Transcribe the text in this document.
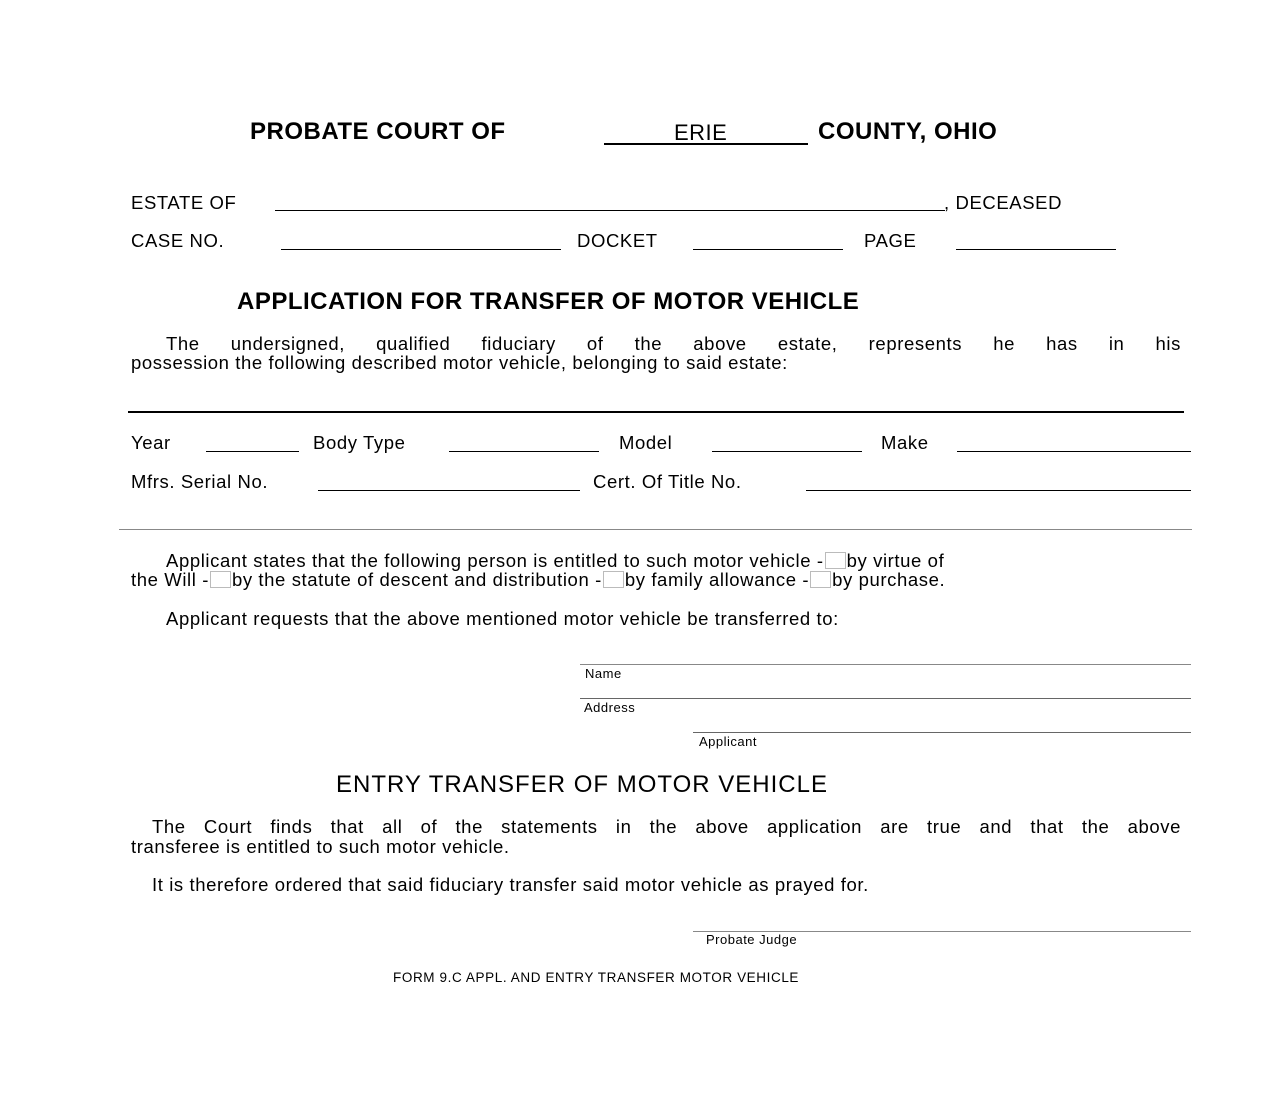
PROBATE COURT OF	ERIE	COUNTY, OHIO
ESTATE OF	, DECEASED
CASE NO.	DOCKET	PAGE
APPLICATION FOR TRANSFER OF MOTOR VEHICLE
The undersigned, qualified fiduciary of the above estate, represents he has in his
possession the following described motor vehicle, belonging to said estate:
Year	Body Type	Model	Make
Mfrs. Serial No.	Cert. Of Title No.
Applicant states that the following person is entitled to such motor vehicle - by virtue of
the Will - by the statute of descent and distribution - by family allowance - by purchase.
Applicant requests that the above mentioned motor vehicle be transferred to:
Name
Address
Applicant
ENTRY TRANSFER OF MOTOR VEHICLE
The Court finds that all of the statements in the above application are true and that the above
transferee is entitled to such motor vehicle.
It is therefore ordered that said fiduciary transfer said motor vehicle as prayed for.
Probate Judge
FORM 9.C APPL. AND ENTRY TRANSFER MOTOR VEHICLE
